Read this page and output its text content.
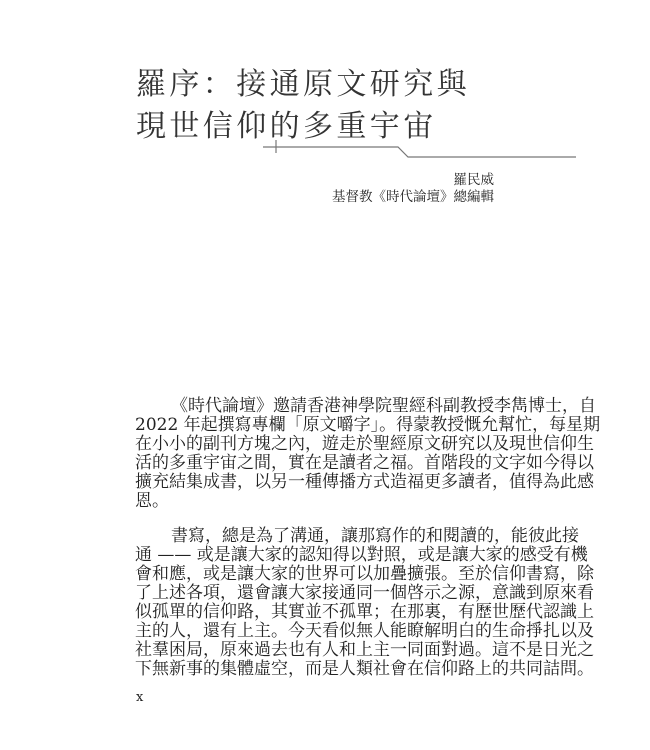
羅序：接通原文研究與
現世信仰的多重宇宙
羅民威
基督教《時代論壇》總編輯
《時代論壇》邀請香港神學院聖經科副教授李雋博士，自
2022 年起撰寫專欄「原文嚼字」。得蒙教授慨允幫忙，每星期
在小小的副刊方塊之內，遊走於聖經原文研究以及現世信仰生
活的多重宇宙之間，實在是讀者之福。首階段的文字如今得以
擴充結集成書，以另一種傳播方式造福更多讀者，值得為此感
恩。
書寫，總是為了溝通，讓那寫作的和閱讀的，能彼此接
通 —— 或是讓大家的認知得以對照，或是讓大家的感受有機
會和應，或是讓大家的世界可以加疊擴張。至於信仰書寫，除
了上述各項，還會讓大家接通同一個啓示之源，意識到原來看
似孤單的信仰路，其實並不孤單；在那裏，有歷世歷代認識上
主的人，還有上主。今天看似無人能瞭解明白的生命掙扎以及
社羣困局，原來過去也有人和上主一同面對過。這不是日光之
下無新事的集體虛空，而是人類社會在信仰路上的共同詰問。
x
